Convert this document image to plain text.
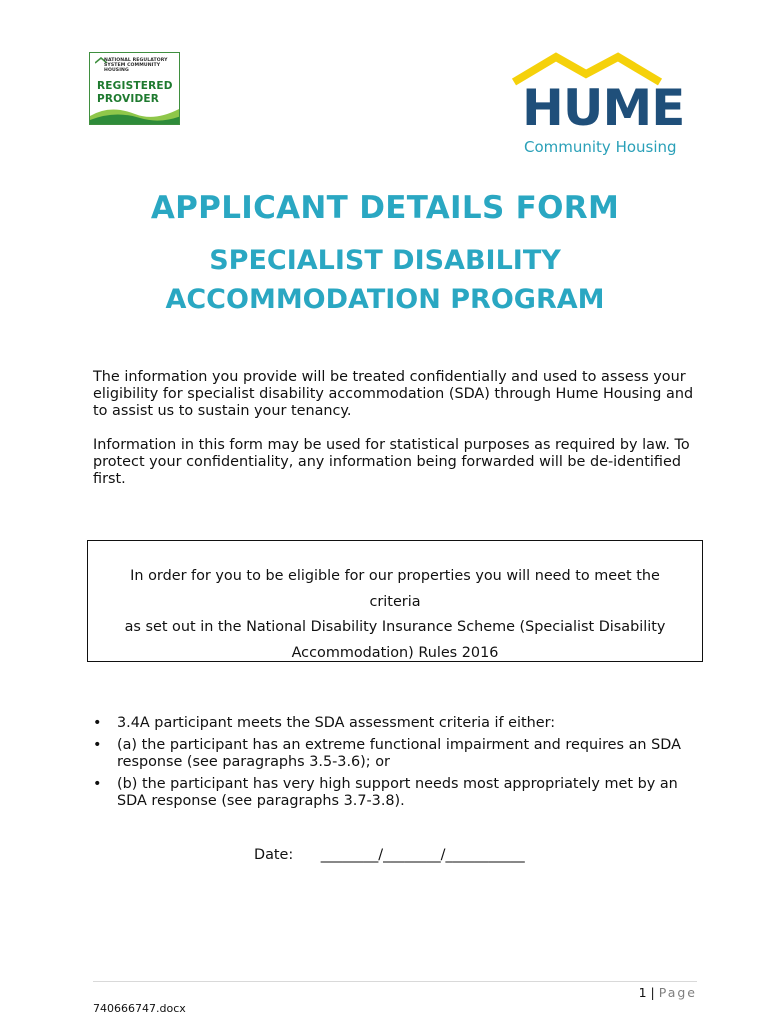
NATIONAL REGULATORY SYSTEM COMMUNITY HOUSING
REGISTERED
PROVIDER	HUME
Community Housing
APPLICANT DETAILS FORM
SPECIALIST DISABILITY
ACCOMMODATION PROGRAM
The information you provide will be treated confidentially and used to assess your eligibility for specialist disability accommodation (SDA) through Hume Housing and to assist us to sustain your tenancy.
Information in this form may be used for statistical purposes as required by law. To protect your confidentiality, any information being forwarded will be de-identified first.
In order for you to be eligible for our properties you will need to meet the
criteria
as set out in the National Disability Insurance Scheme (Specialist Disability
Accommodation) Rules 2016
• 3.4A participant meets the SDA assessment criteria if either:
• (a) the participant has an extreme functional impairment and requires an SDA response (see paragraphs 3.5-3.6); or
• (b) the participant has very high support needs most appropriately met by an SDA response (see paragraphs 3.7-3.8).
Date: ________/________/___________
1 | Page
740666747.docx
